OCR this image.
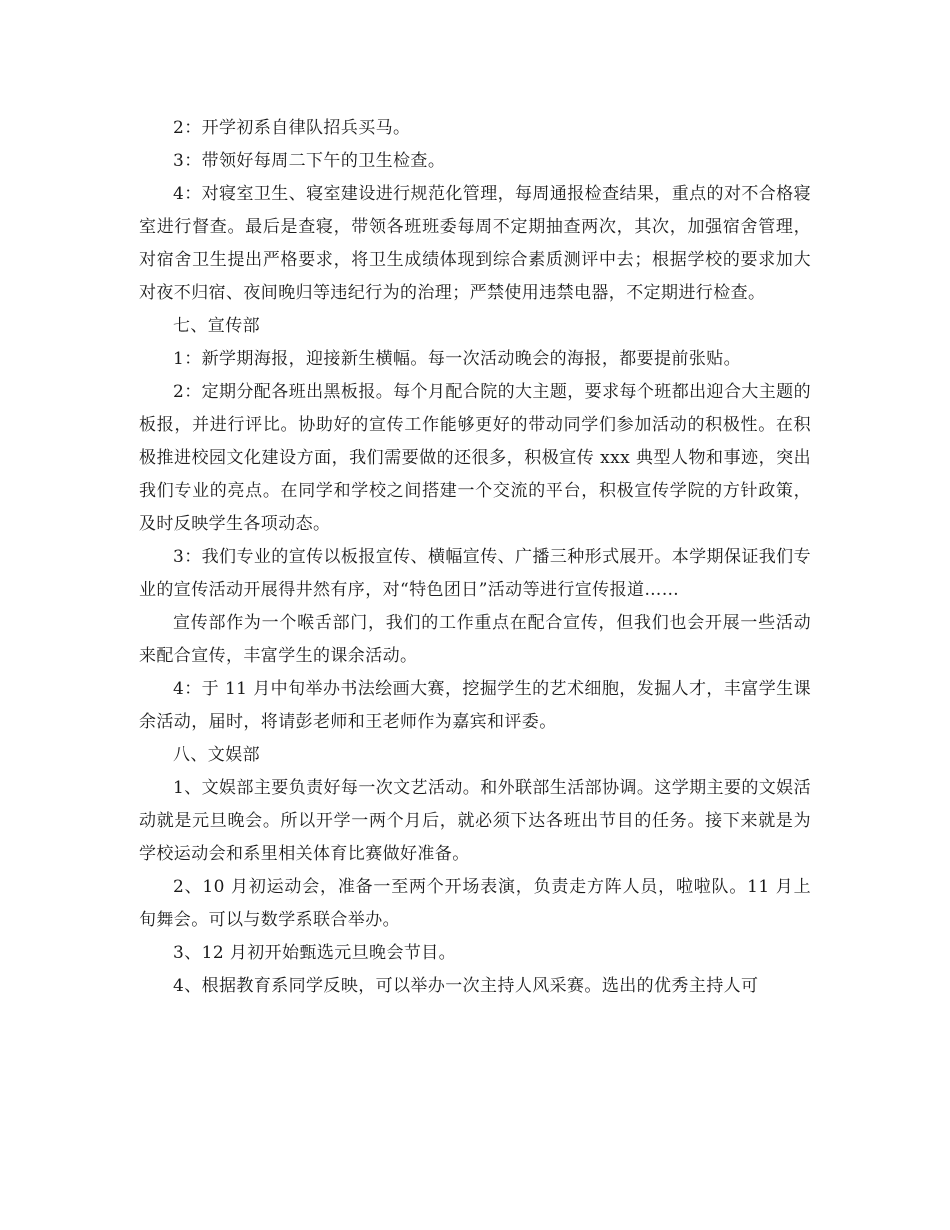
2：开学初系自律队招兵买马。

3：带领好每周二下午的卫生检查。

4：对寝室卫生、寝室建设进行规范化管理，每周通报检查结果，重点的对不合格寝室进行督查。最后是查寝，带领各班班委每周不定期抽查两次，其次，加强宿舍管理，对宿舍卫生提出严格要求，将卫生成绩体现到综合素质测评中去；根据学校的要求加大对夜不归宿、夜间晚归等违纪行为的治理；严禁使用违禁电器，不定期进行检查。

七、宣传部

1：新学期海报，迎接新生横幅。每一次活动晚会的海报，都要提前张贴。

2：定期分配各班出黑板报。每个月配合院的大主题，要求每个班都出迎合大主题的板报，并进行评比。协助好的宣传工作能够更好的带动同学们参加活动的积极性。在积极推进校园文化建设方面，我们需要做的还很多，积极宣传 xxx 典型人物和事迹，突出我们专业的亮点。在同学和学校之间搭建一个交流的平台，积极宣传学院的方针政策，及时反映学生各项动态。

3：我们专业的宣传以板报宣传、横幅宣传、广播三种形式展开。本学期保证我们专业的宣传活动开展得井然有序，对“特色团日”活动等进行宣传报道……

宣传部作为一个喉舌部门，我们的工作重点在配合宣传，但我们也会开展一些活动来配合宣传，丰富学生的课余活动。

4：于 11 月中旬举办书法绘画大赛，挖掘学生的艺术细胞，发掘人才，丰富学生课余活动，届时，将请彭老师和王老师作为嘉宾和评委。

八、文娱部

1、文娱部主要负责好每一次文艺活动。和外联部生活部协调。这学期主要的文娱活动就是元旦晚会。所以开学一两个月后，就必须下达各班出节目的任务。接下来就是为学校运动会和系里相关体育比赛做好准备。

2、10 月初运动会，准备一至两个开场表演，负责走方阵人员，啦啦队。11 月上旬舞会。可以与数学系联合举办。

3、12 月初开始甄选元旦晚会节目。

4、根据教育系同学反映，可以举办一次主持人风采赛。选出的优秀主持人可
